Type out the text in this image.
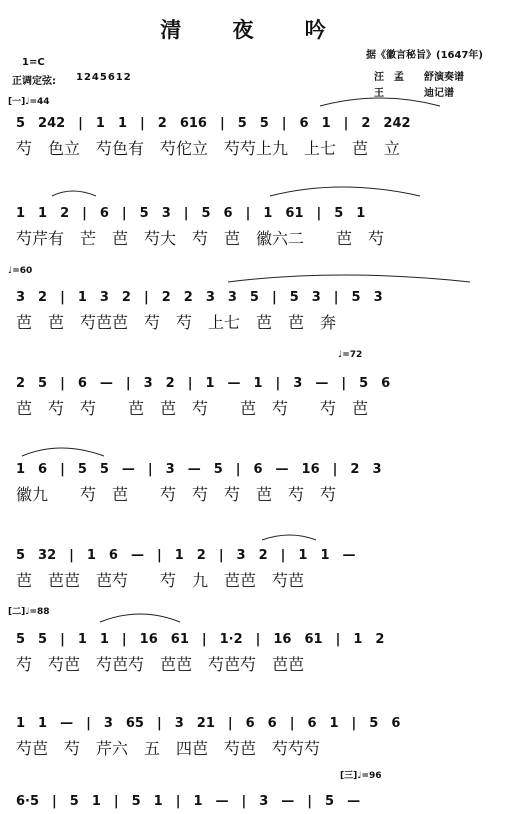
清 夜 吟
1=C
正调定弦: 1245612
据《徽言秘旨》(1647年)
汪　孟　　舒演奏谱
王　　　　迪记谱
[一]♩=44
♩=60
♩=72
[二]♩=88
[三]♩=96
5　242　|　1　1　|　2　616　|　5　5　|　6　1　|　2　242
芍　色立　芍色有　芍佗立　芍芍上九　上七　芭　立
1　1　2　|　6　|　5　3　|　5　6　|　1　61　|　5　1
芍芹有　芒　芭　芍大　芍　芭　徽六二　　芭　芍
3　2　|　1　3　2　|　2　2　3　3　5　|　5　3　|　5　3
芭　芭　芍芭芭　芍　芍　上七　芭　芭　奔
2　5　|　6　—　|　3　2　|　1　—　1　|　3　—　|　5　6
芭　芍　芍　　芭　芭　芍　　芭　芍　　芍　芭
1　6　|　5　5　—　|　3　—　5　|　6　—　16　|　2　3
徽九　　芍　芭　　芍　芍　芍　芭　芍　芍
5　32　|　1　6　—　|　1　2　|　3　2　|　1　1　—
芭　芭芭　芭芍　　芍　九　芭芭　芍芭
5　5　|　1　1　|　16　61　|　1·2　|　16　61　|　1　2
芍　芍芭　芍芭芍　芭芭　芍芭芍　芭芭
1　1　—　|　3　65　|　3　21　|　6　6　|　6　1　|　5　6
芍芭　芍　芹六　五　四芭　芍芭　芍芍芍
6·5　|　5　1　|　5　1　|　1　—　|　3　—　|　5　—
